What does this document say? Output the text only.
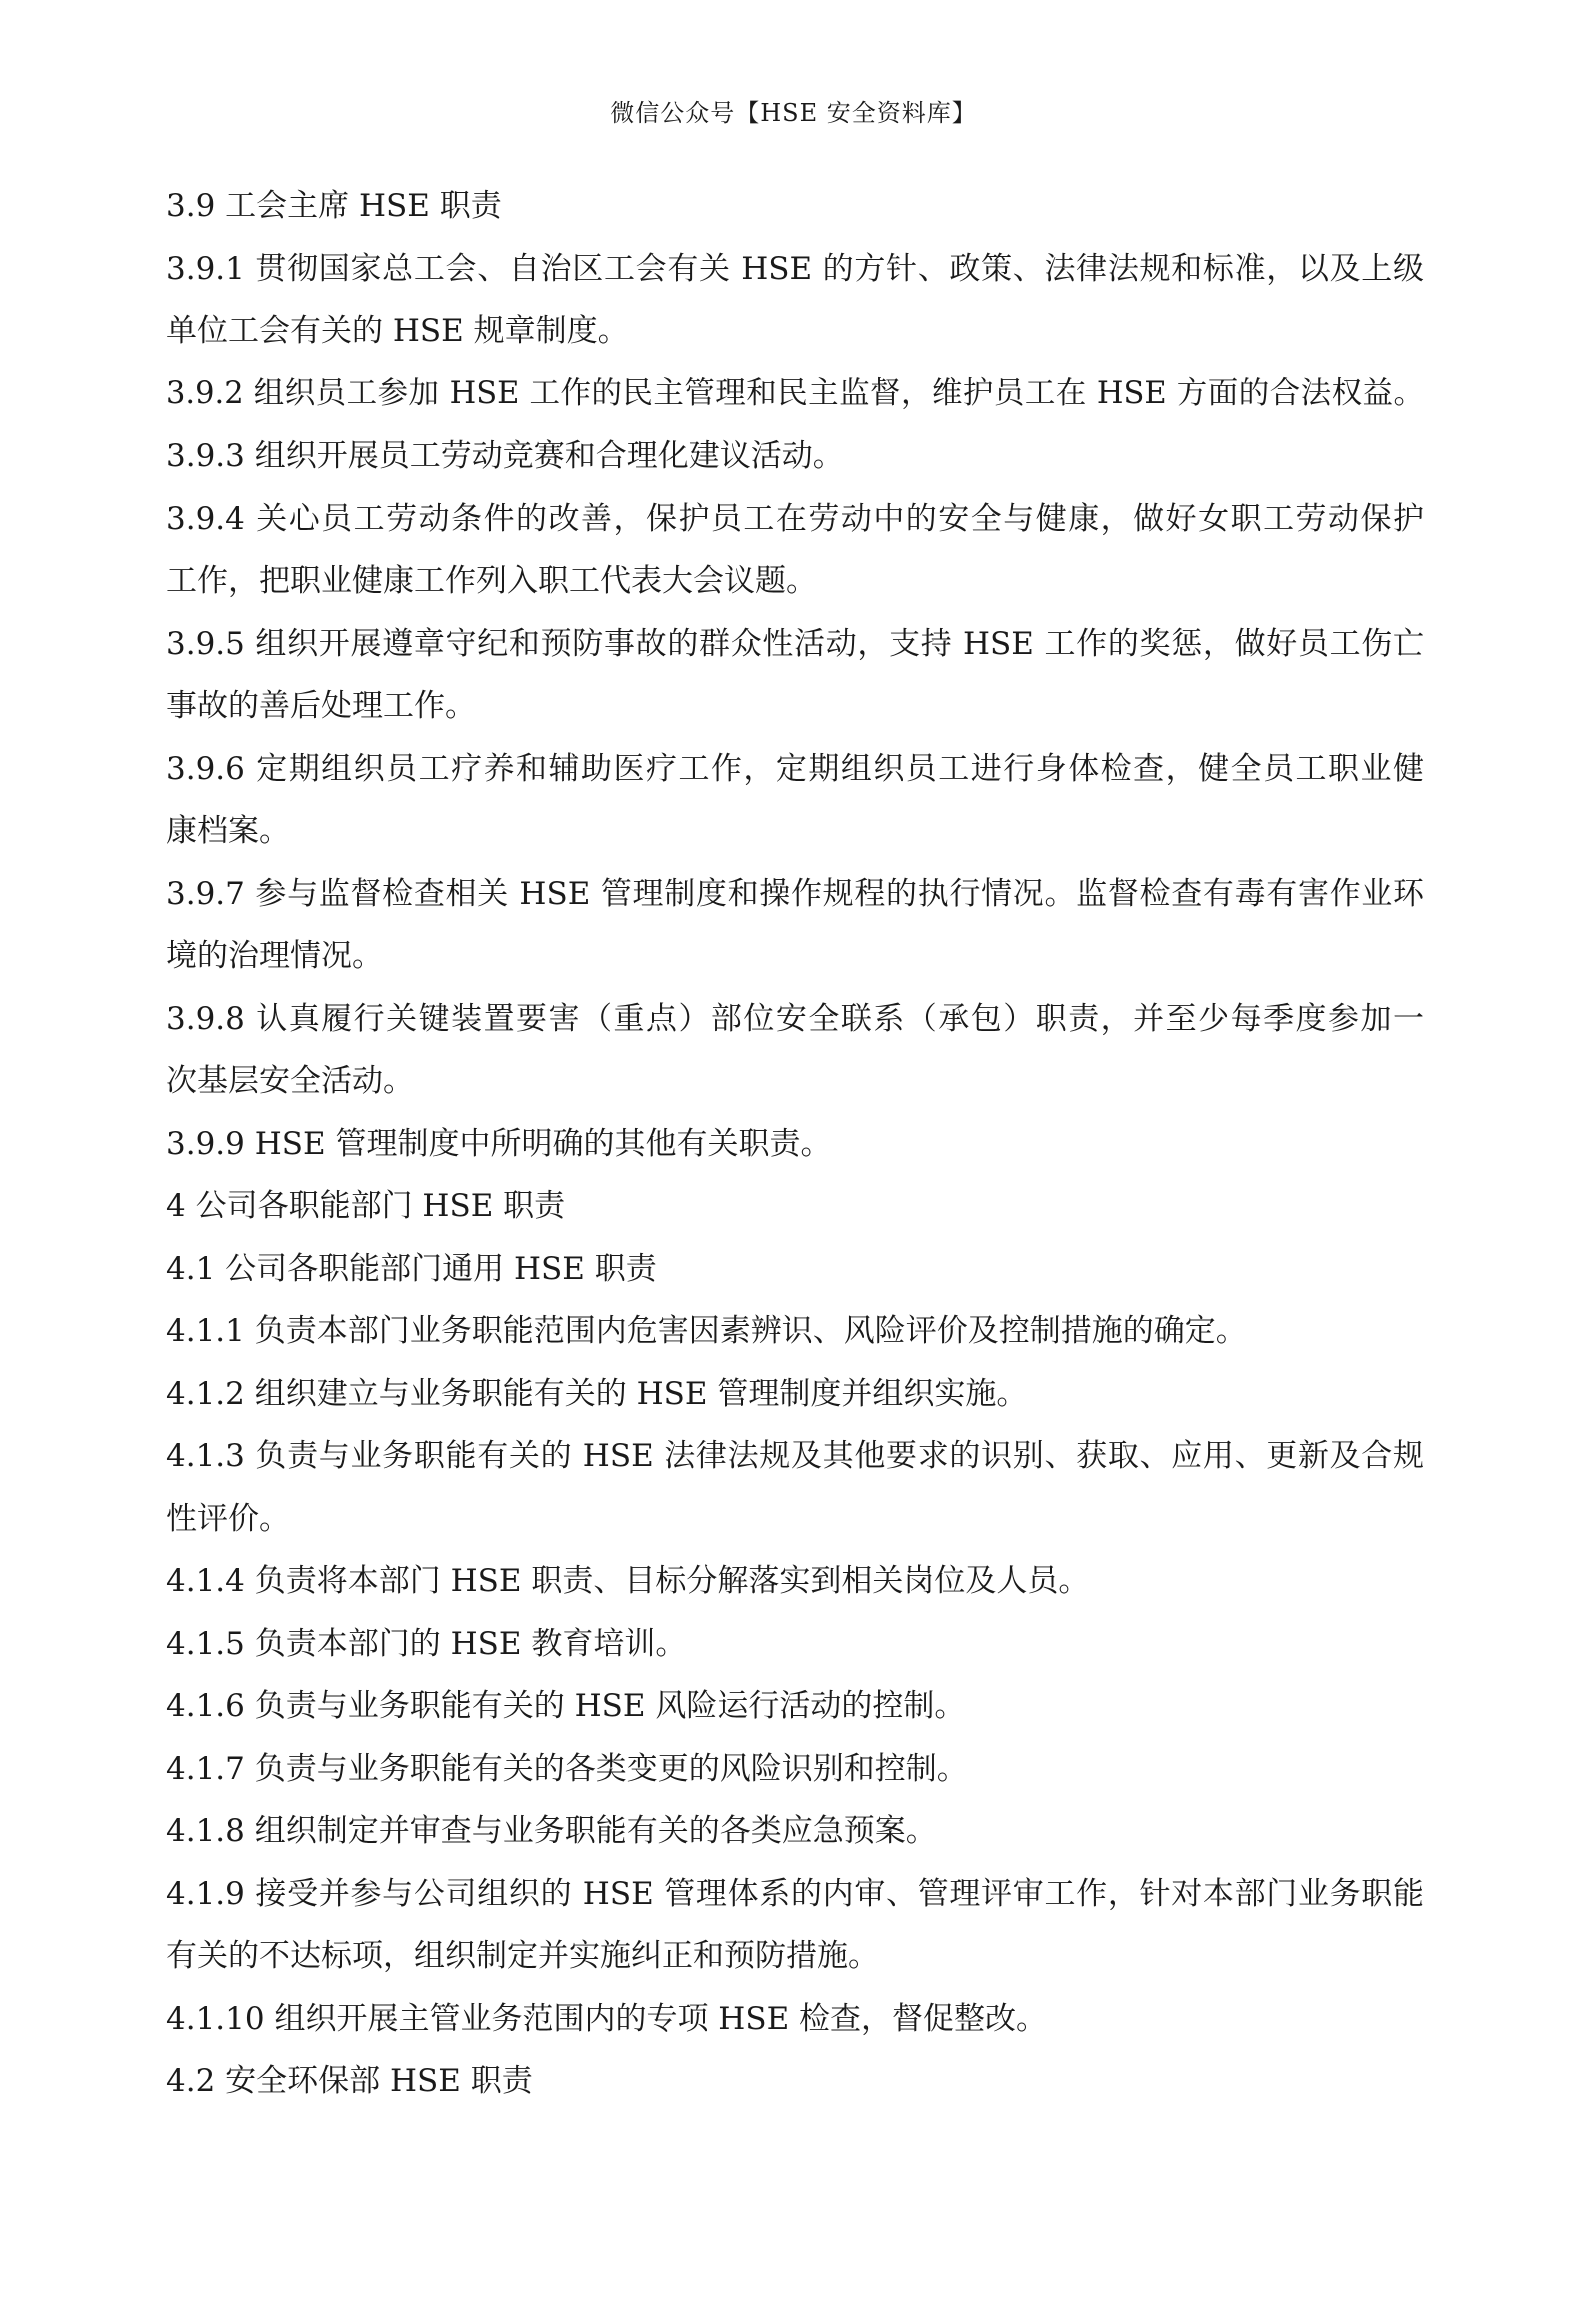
微信公众号【HSE 安全资料库】
3.9 工会主席 HSE 职责
3.9.1 贯彻国家总工会、自治区工会有关 HSE 的方针、政策、法律法规和标准，以及上级
单位工会有关的 HSE 规章制度。
3.9.2 组织员工参加 HSE 工作的民主管理和民主监督，维护员工在 HSE 方面的合法权益。
3.9.3 组织开展员工劳动竞赛和合理化建议活动。
3.9.4 关心员工劳动条件的改善，保护员工在劳动中的安全与健康，做好女职工劳动保护
工作，把职业健康工作列入职工代表大会议题。
3.9.5 组织开展遵章守纪和预防事故的群众性活动，支持 HSE 工作的奖惩，做好员工伤亡
事故的善后处理工作。
3.9.6 定期组织员工疗养和辅助医疗工作，定期组织员工进行身体检查，健全员工职业健
康档案。
3.9.7 参与监督检查相关 HSE 管理制度和操作规程的执行情况。监督检查有毒有害作业环
境的治理情况。
3.9.8 认真履行关键装置要害（重点）部位安全联系（承包）职责，并至少每季度参加一
次基层安全活动。
3.9.9 HSE 管理制度中所明确的其他有关职责。
4 公司各职能部门 HSE 职责
4.1 公司各职能部门通用 HSE 职责
4.1.1 负责本部门业务职能范围内危害因素辨识、风险评价及控制措施的确定。
4.1.2 组织建立与业务职能有关的 HSE 管理制度并组织实施。
4.1.3 负责与业务职能有关的 HSE 法律法规及其他要求的识别、获取、应用、更新及合规
性评价。
4.1.4 负责将本部门 HSE 职责、目标分解落实到相关岗位及人员。
4.1.5 负责本部门的 HSE 教育培训。
4.1.6 负责与业务职能有关的 HSE 风险运行活动的控制。
4.1.7 负责与业务职能有关的各类变更的风险识别和控制。
4.1.8 组织制定并审查与业务职能有关的各类应急预案。
4.1.9 接受并参与公司组织的 HSE 管理体系的内审、管理评审工作，针对本部门业务职能
有关的不达标项，组织制定并实施纠正和预防措施。
4.1.10 组织开展主管业务范围内的专项 HSE 检查，督促整改。
4.2 安全环保部 HSE 职责
